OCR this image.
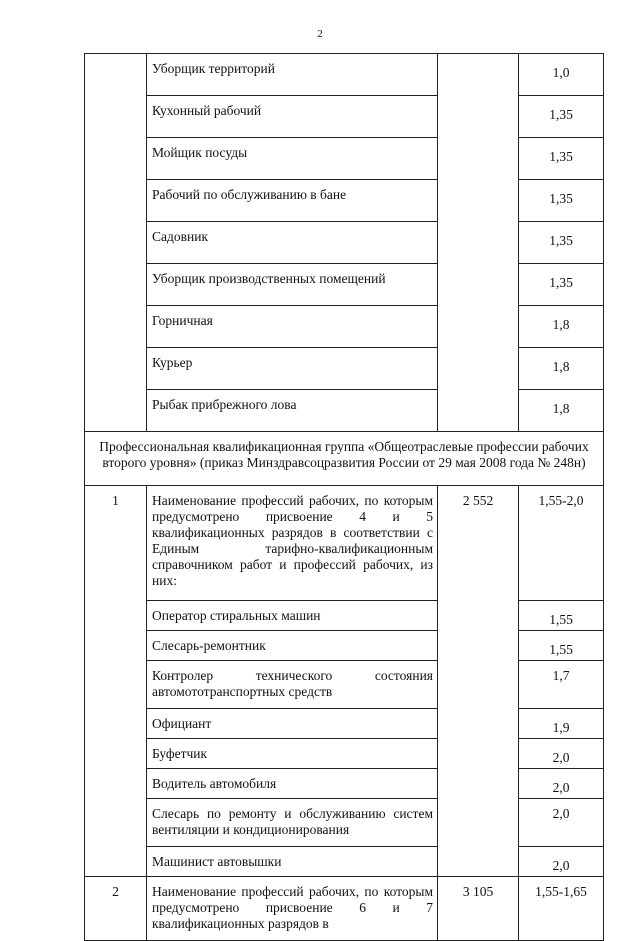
2
	Уборщик территорий		1,0
	Кухонный рабочий		1,35
	Мойщик посуды		1,35
	Рабочий по обслуживанию в бане		1,35
	Садовник		1,35
	Уборщик производственных помещений		1,35
	Горничная		1,8
	Курьер		1,8
	Рыбак прибрежного лова		1,8
Профессиональная квалификационная группа «Общеотраслевые профессии рабочих второго уровня» (приказ Минздравсоцразвития России от 29 мая 2008 года № 248н)			
1	Наименование профессий рабочих, по которым предусмотрено присвоение 4 и 5 квалификационных разрядов в соответствии с Единым тарифно-квалификационным справочником работ и профессий рабочих, из них:	2 552	1,55-2,0
	Оператор стиральных машин		1,55
	Слесарь-ремонтник		1,55
	Контролер технического состояния автомототранспортных средств		1,7
	Официант		1,9
	Буфетчик		2,0
	Водитель автомобиля		2,0
	Слесарь по ремонту и обслуживанию систем вентиляции и кондиционирования		2,0
	Машинист автовышки		2,0
2	Наименование профессий рабочих, по которым предусмотрено присвоение 6 и 7 квалификационных разрядов в	3 105	1,55-1,65
